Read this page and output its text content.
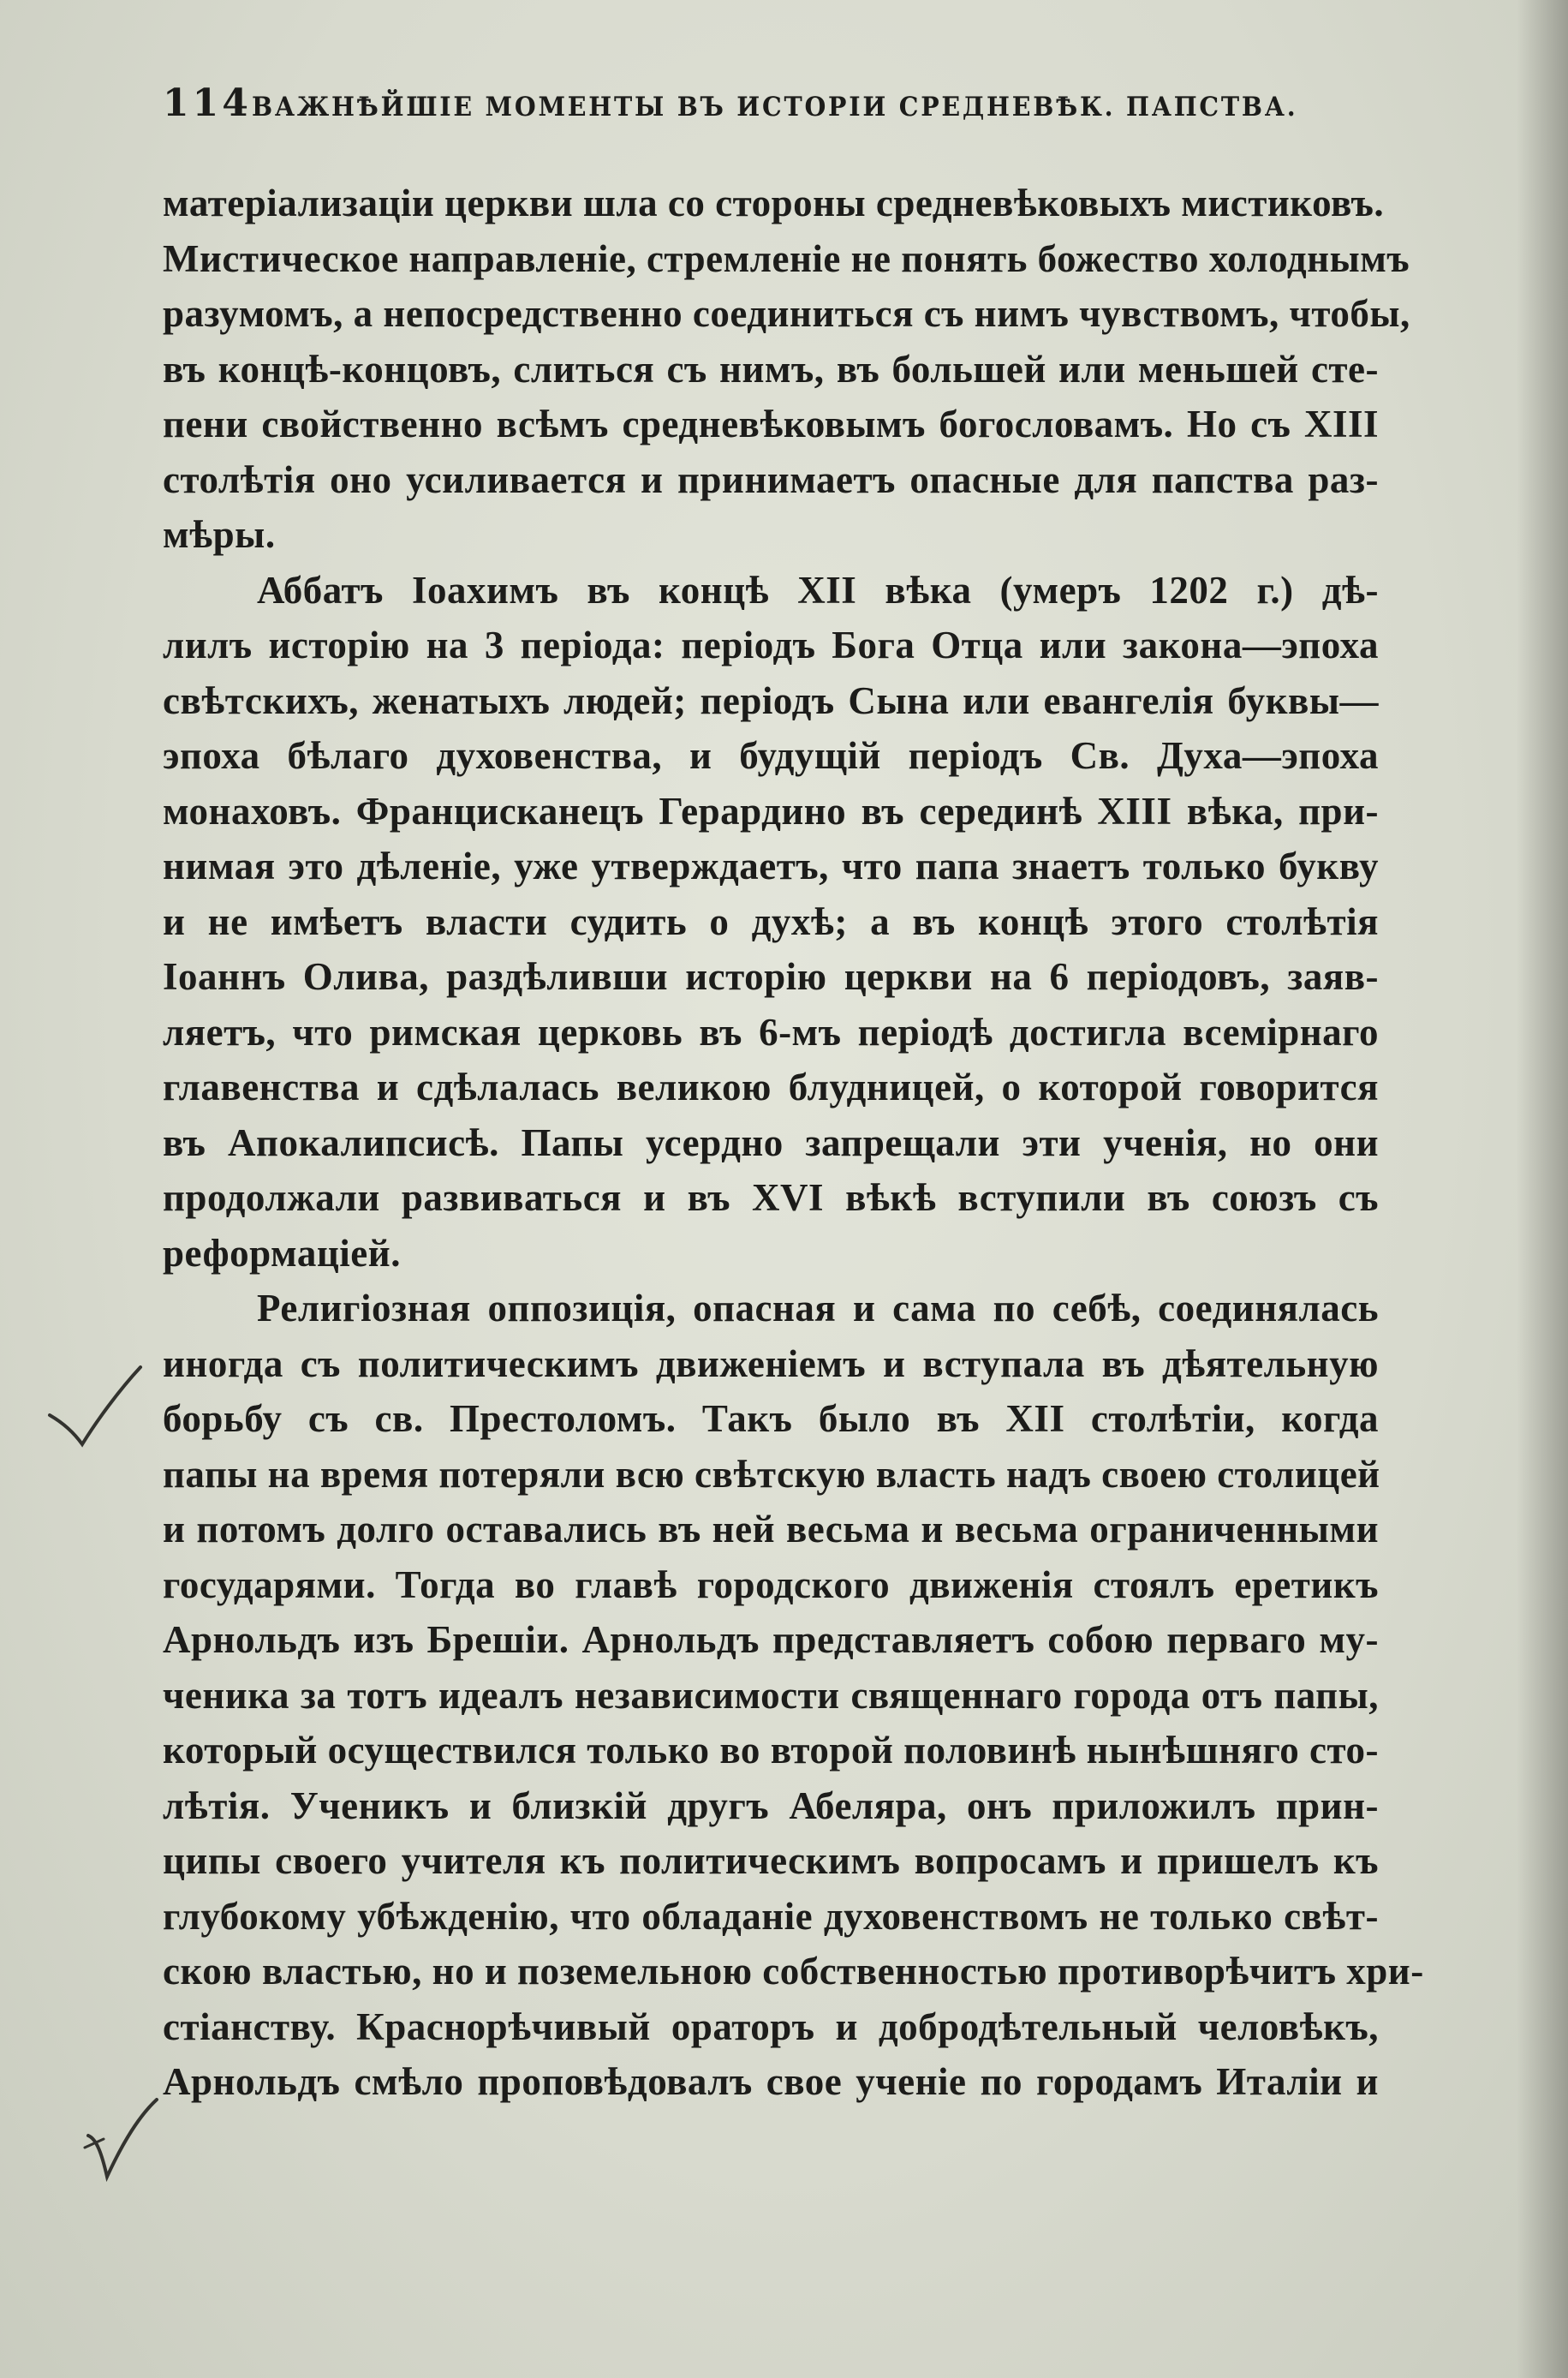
114 ВАЖНѢЙШІЕ МОМЕНТЫ ВЪ ИСТОРІИ СРЕДНЕВѢК. ПАПСТВА.
матеріализаціи церкви шла со стороны средневѣковыхъ мистиковъ.
Мистическое направленіе, стремленіе не понять божество холоднымъ
разумомъ, а непосредственно соединиться съ нимъ чувствомъ, чтобы,
въ концѣ-концовъ, слиться съ нимъ, въ большей или меньшей сте-
пени свойственно всѣмъ средневѣковымъ богословамъ. Но съ XIII
столѣтія оно усиливается и принимаетъ опасные для папства раз-
мѣры.
Аббатъ Іоахимъ въ концѣ XII вѣка (умеръ 1202 г.) дѣ-
лилъ исторію на 3 періода: періодъ Бога Отца или закона—эпоха
свѣтскихъ, женатыхъ людей; періодъ Сына или евангелія буквы—
эпоха бѣлаго духовенства, и будущій періодъ Св. Духа—эпоха
монаховъ. Францисканецъ Герардино въ серединѣ XIII вѣка, при-
нимая это дѣленіе, уже утверждаетъ, что папа знаетъ только букву
и не имѣетъ власти судить о духѣ; а въ концѣ этого столѣтія
Іоаннъ Олива, раздѣливши исторію церкви на 6 періодовъ, заяв-
ляетъ, что римская церковь въ 6-мъ періодѣ достигла всемірнаго
главенства и сдѣлалась великою блудницей, о которой говорится
въ Апокалипсисѣ. Папы усердно запрещали эти ученія, но они
продолжали развиваться и въ XVI вѣкѣ вступили въ союзъ съ
реформаціей.
Религіозная оппозиція, опасная и сама по себѣ, соединялась
иногда съ политическимъ движеніемъ и вступала въ дѣятельную
борьбу съ св. Престоломъ. Такъ было въ XII столѣтіи, когда
папы на время потеряли всю свѣтскую власть надъ своею столицей
и потомъ долго оставались въ ней весьма и весьма ограниченными
государями. Тогда во главѣ городского движенія стоялъ еретикъ
Арнольдъ изъ Брешіи. Арнольдъ представляетъ собою перваго му-
ченика за тотъ идеалъ независимости священнаго города отъ папы,
который осуществился только во второй половинѣ нынѣшняго сто-
лѣтія. Ученикъ и близкій другъ Абеляра, онъ приложилъ прин-
ципы своего учителя къ политическимъ вопросамъ и пришелъ къ
глубокому убѣжденію, что обладаніе духовенствомъ не только свѣт-
скою властью, но и поземельною собственностью противорѣчитъ хри-
стіанству. Краснорѣчивый ораторъ и добродѣтельный человѣкъ,
Арнольдъ смѣло проповѣдовалъ свое ученіе по городамъ Италіи и
